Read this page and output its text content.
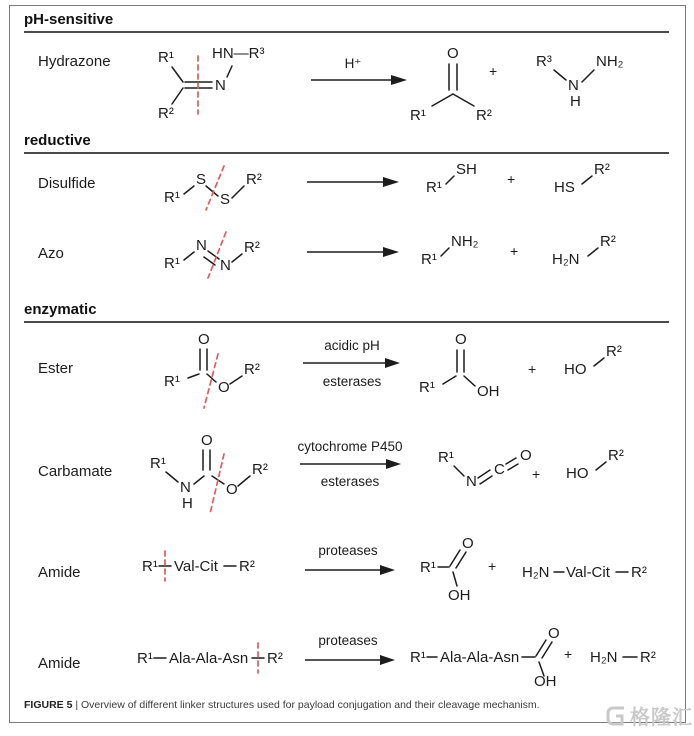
pH-sensitive
Hydrazone	R¹
R²
N
HN—R³
H⁺
O
R¹	R²
+
R³
N
H
NH₂
reductive
Disulfide
R¹
S
S
R²	R¹
SH
+	HS
R²
Azo
R¹
N
N
R²
R¹
NH₂
+ H₂N
R²
enzymatic
Ester
O
R¹	O
R²
acidic pH
esterases
O
R¹	OH
+ HO
R²
Carbamate	R¹
N
H
O
O
R²
cytochrome P450
esterases
R¹
N
C
O
+ HO
R²
Amide	R¹ Val-Cit R²
proteases
R¹
O
OH
+ H₂N Val-Cit R²
Amide	R¹ Ala-Ala-Asn R²
proteases
R¹ Ala-Ala-Asn
O
OH
+ H₂N R²
FIGURE 5 | Overview of different linker structures used for payload conjugation and their cleavage mechanism.
格隆汇
